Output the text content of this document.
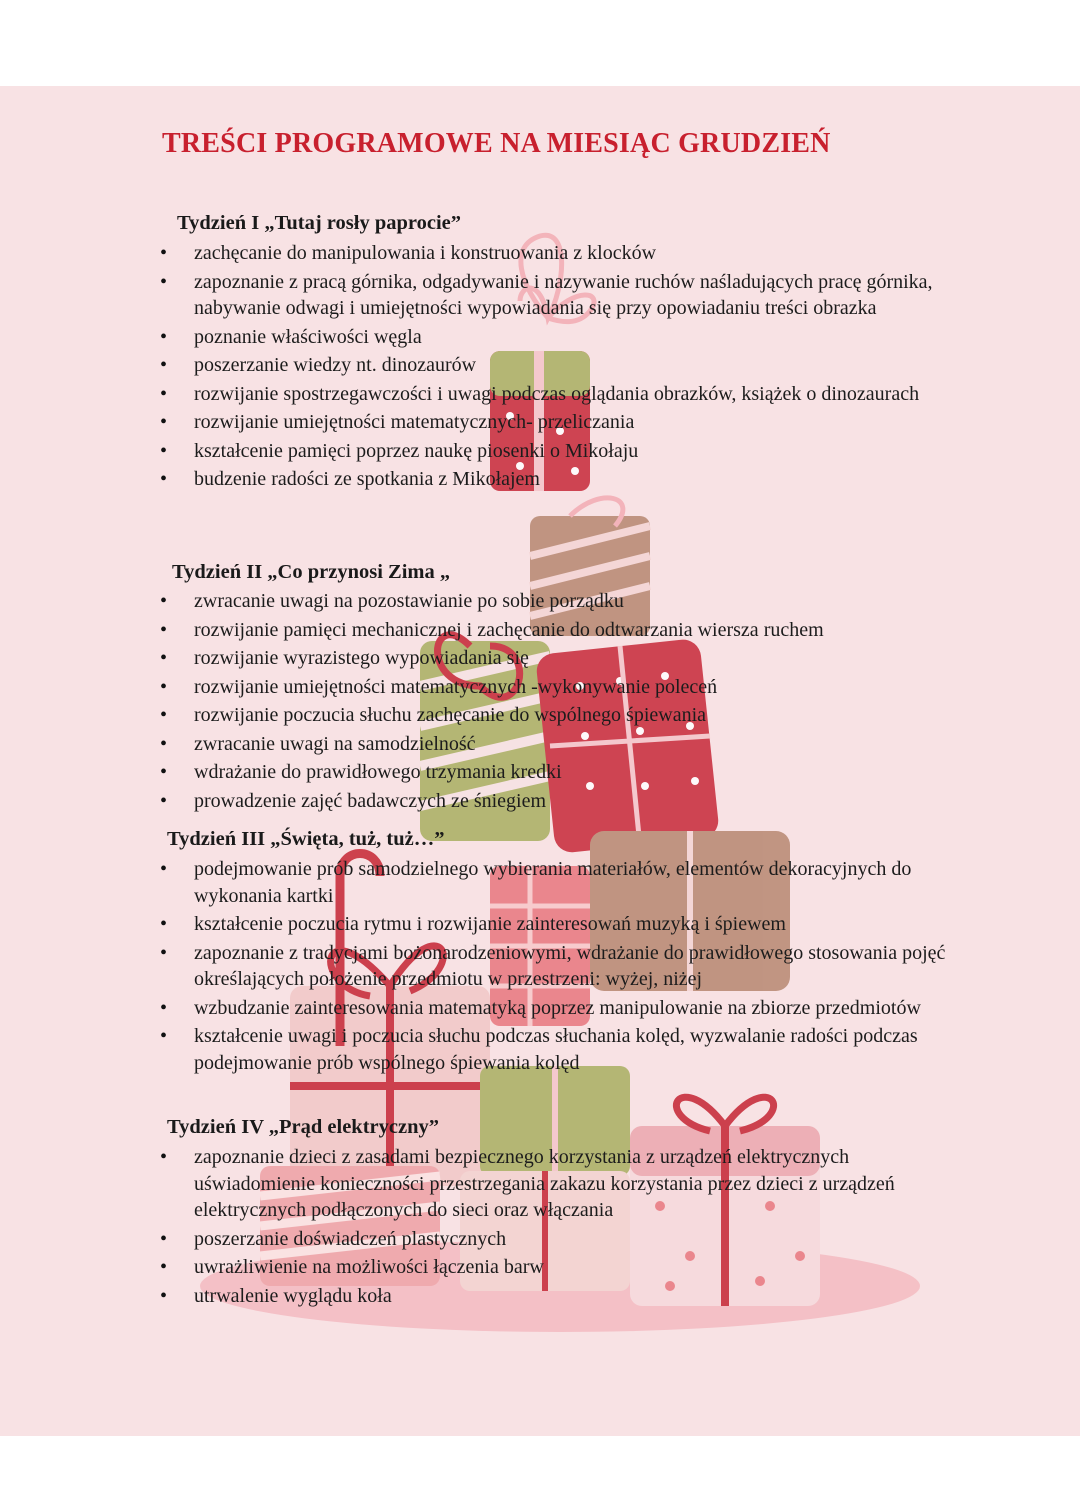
TREŚCI PROGRAMOWE NA MIESIĄC GRUDZIEŃ
Tydzień I „Tutaj rosły paprocie”
• zachęcanie do manipulowania i konstruowania z klocków
• zapoznanie z pracą górnika, odgadywanie i nazywanie ruchów naśladujących pracę górnika, nabywanie odwagi i umiejętności wypowiadania się przy opowiadaniu treści obrazka
• poznanie właściwości węgla
• poszerzanie wiedzy nt. dinozaurów
• rozwijanie spostrzegawczości i uwagi podczas oglądania obrazków, książek o dinozaurach
• rozwijanie umiejętności matematycznych- przeliczania
• kształcenie pamięci poprzez naukę piosenki o Mikołaju
• budzenie radości ze spotkania z Mikołajem
Tydzień II „Co przynosi Zima „
• zwracanie uwagi na pozostawianie po sobie porządku
• rozwijanie pamięci mechanicznej i zachęcanie do odtwarzania wiersza ruchem
• rozwijanie wyrazistego wypowiadania się
• rozwijanie umiejętności matematycznych -wykonywanie poleceń
• rozwijanie poczucia słuchu zachęcanie do wspólnego śpiewania
• zwracanie uwagi na samodzielność
• wdrażanie do prawidłowego trzymania kredki
• prowadzenie zajęć badawczych ze śniegiem
Tydzień III „Święta, tuż, tuż…”
• podejmowanie prób samodzielnego wybierania materiałów, elementów dekoracyjnych do wykonania kartki
• kształcenie poczucia rytmu i rozwijanie zainteresowań muzyką i śpiewem
• zapoznanie z tradycjami bożonarodzeniowymi, wdrażanie do prawidłowego stosowania pojęć określających położenie przedmiotu w przestrzeni: wyżej, niżej
• wzbudzanie zainteresowania matematyką poprzez manipulowanie na zbiorze przedmiotów
• kształcenie uwagi i poczucia słuchu podczas słuchania kolęd, wyzwalanie radości podczas podejmowanie prób wspólnego śpiewania kolęd
Tydzień IV „Prąd elektryczny”
• zapoznanie dzieci z zasadami bezpiecznego korzystania z urządzeń elektrycznych uświadomienie konieczności przestrzegania zakazu korzystania przez dzieci z urządzeń elektrycznych podłączonych do sieci oraz włączania
• poszerzanie doświadczeń plastycznych
• uwrażliwienie na możliwości łączenia barw
• utrwalenie wyglądu koła
